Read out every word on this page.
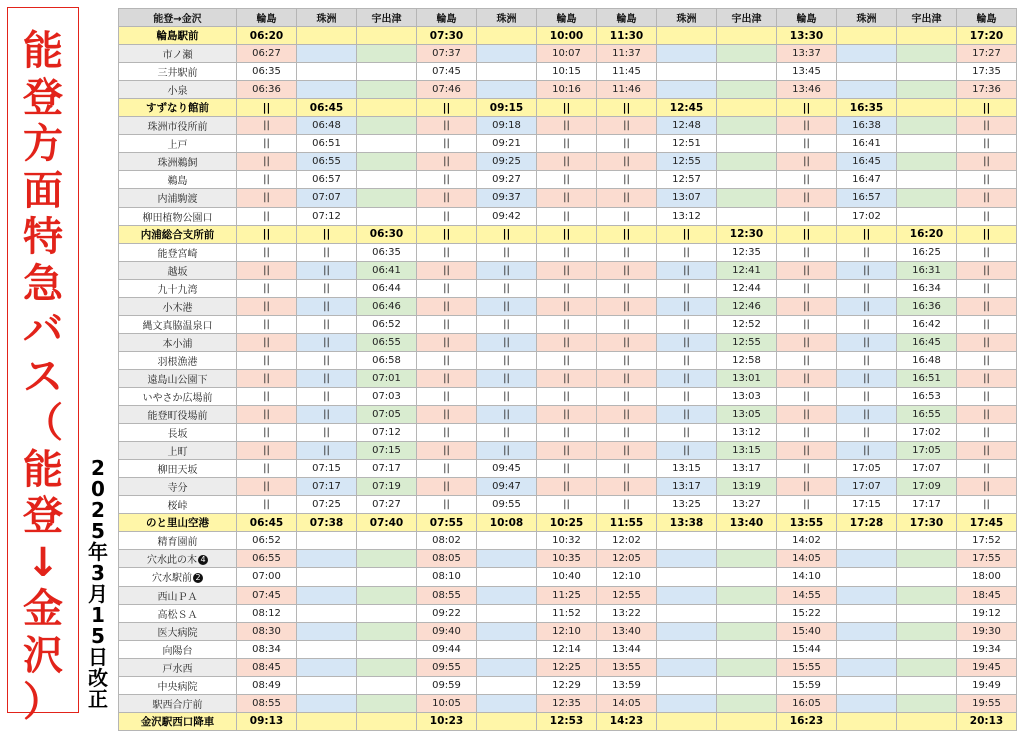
能
登
方
面
特
急
バ
ス
（
能
登
↓
金
沢
）
2
0
2
5
年
3
月
1
5
日
改
正
能登→金沢	輪島	珠洲	宇出津	輪島	珠洲	輪島	輪島	珠洲	宇出津	輪島	珠洲	宇出津	輪島
輪島駅前	06:20			07:30		10:00	11:30			13:30			17:20
市ノ瀬	06:27			07:37		10:07	11:37			13:37			17:27
三井駅前	06:35			07:45		10:15	11:45			13:45			17:35
小泉	06:36			07:46		10:16	11:46			13:46			17:36
すずなり館前	||	06:45		||	09:15	||	||	12:45		||	16:35		||
珠洲市役所前	||	06:48		||	09:18	||	||	12:48		||	16:38		||
上戸	||	06:51		||	09:21	||	||	12:51		||	16:41		||
珠洲鵜飼	||	06:55		||	09:25	||	||	12:55		||	16:45		||
鵜島	||	06:57		||	09:27	||	||	12:57		||	16:47		||
内浦駒渡	||	07:07		||	09:37	||	||	13:07		||	16:57		||
柳田植物公園口	||	07:12		||	09:42	||	||	13:12		||	17:02		||
内浦総合支所前	||	||	06:30	||	||	||	||	||	12:30	||	||	16:20	||
能登宮崎	||	||	06:35	||	||	||	||	||	12:35	||	||	16:25	||
越坂	||	||	06:41	||	||	||	||	||	12:41	||	||	16:31	||
九十九湾	||	||	06:44	||	||	||	||	||	12:44	||	||	16:34	||
小木港	||	||	06:46	||	||	||	||	||	12:46	||	||	16:36	||
縄文真脇温泉口	||	||	06:52	||	||	||	||	||	12:52	||	||	16:42	||
本小浦	||	||	06:55	||	||	||	||	||	12:55	||	||	16:45	||
羽根漁港	||	||	06:58	||	||	||	||	||	12:58	||	||	16:48	||
遠島山公園下	||	||	07:01	||	||	||	||	||	13:01	||	||	16:51	||
いやさか広場前	||	||	07:03	||	||	||	||	||	13:03	||	||	16:53	||
能登町役場前	||	||	07:05	||	||	||	||	||	13:05	||	||	16:55	||
長坂	||	||	07:12	||	||	||	||	||	13:12	||	||	17:02	||
上町	||	||	07:15	||	||	||	||	||	13:15	||	||	17:05	||
柳田天坂	||	07:15	07:17	||	09:45	||	||	13:15	13:17	||	17:05	17:07	||
寺分	||	07:17	07:19	||	09:47	||	||	13:17	13:19	||	17:07	17:09	||
桜峠	||	07:25	07:27	||	09:55	||	||	13:25	13:27	||	17:15	17:17	||
のと里山空港	06:45	07:38	07:40	07:55	10:08	10:25	11:55	13:38	13:40	13:55	17:28	17:30	17:45
精育園前	06:52			08:02		10:32	12:02			14:02			17:52
穴水此の木 4	06:55			08:05		10:35	12:05			14:05			17:55
穴水駅前 2	07:00			08:10		10:40	12:10			14:10			18:00
西山ＰＡ	07:45			08:55		11:25	12:55			14:55			18:45
高松ＳＡ	08:12			09:22		11:52	13:22			15:22			19:12
医大病院	08:30			09:40		12:10	13:40			15:40			19:30
向陽台	08:34			09:44		12:14	13:44			15:44			19:34
戸水西	08:45			09:55		12:25	13:55			15:55			19:45
中央病院	08:49			09:59		12:29	13:59			15:59			19:49
駅西合庁前	08:55			10:05		12:35	14:05			16:05			19:55
金沢駅西口降車	09:13			10:23		12:53	14:23			16:23			20:13
